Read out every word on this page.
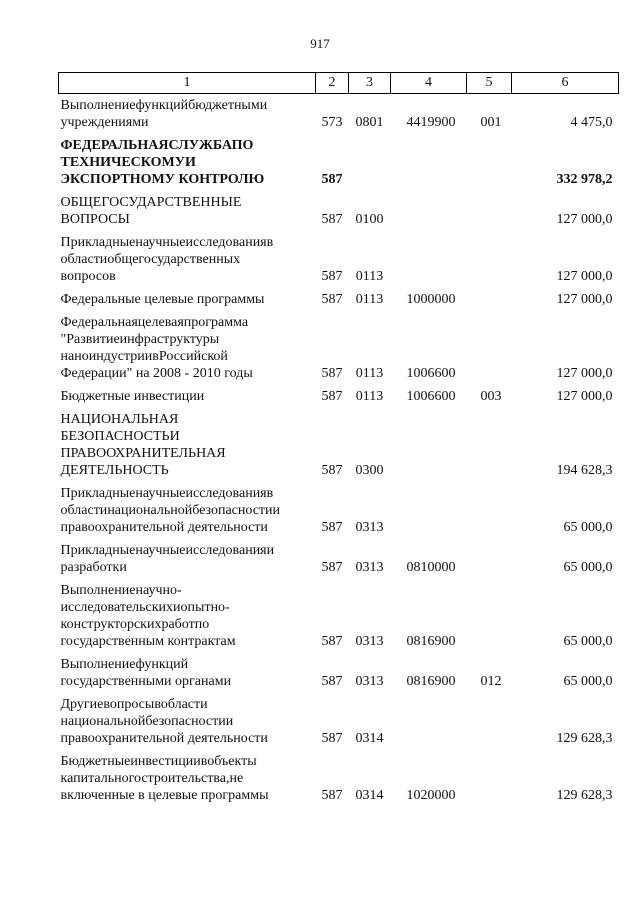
917
1	2	3	4	5	6

Выполнениефункцийбюджетными
учреждениями	573	0801	4419900	001	4 475,0

ФЕДЕРАЛЬНАЯСЛУЖБАПО
ТЕХНИЧЕСКОМУИ
ЭКСПОРТНОМУ КОНТРОЛЮ	587				332 978,2

ОБЩЕГОСУДАРСТВЕННЫЕ
ВОПРОСЫ	587	0100			127 000,0

Прикладныенаучныеисследованияв
областиобщегосударственных
вопросов	587	0113			127 000,0

Федеральные целевые программы	587	0113	1000000		127 000,0

Федеральнаяцелеваяпрограмма
"Развитиеинфраструктуры
наноиндустриивРоссийской
Федерации" на 2008 - 2010 годы	587	0113	1006600		127 000,0

Бюджетные инвестиции	587	0113	1006600	003	127 000,0

НАЦИОНАЛЬНАЯ
БЕЗОПАСНОСТЬИ
ПРАВООХРАНИТЕЛЬНАЯ
ДЕЯТЕЛЬНОСТЬ	587	0300			194 628,3

Прикладныенаучныеисследованияв
областинациональнойбезопасностии
правоохранительной деятельности	587	0313			65 000,0

Прикладныенаучныеисследованияи
разработки	587	0313	0810000		65 000,0

Выполнениенаучно-
исследовательскихиопытно-
конструкторскихработпо
государственным контрактам	587	0313	0816900		65 000,0

Выполнениефункций
государственными органами	587	0313	0816900	012	65 000,0

Другиевопросывобласти
национальнойбезопасностии
правоохранительной деятельности	587	0314			129 628,3

Бюджетныеинвестициивобъекты
капитальногостроительства,не
включенные в целевые программы	587	0314	1020000		129 628,3
